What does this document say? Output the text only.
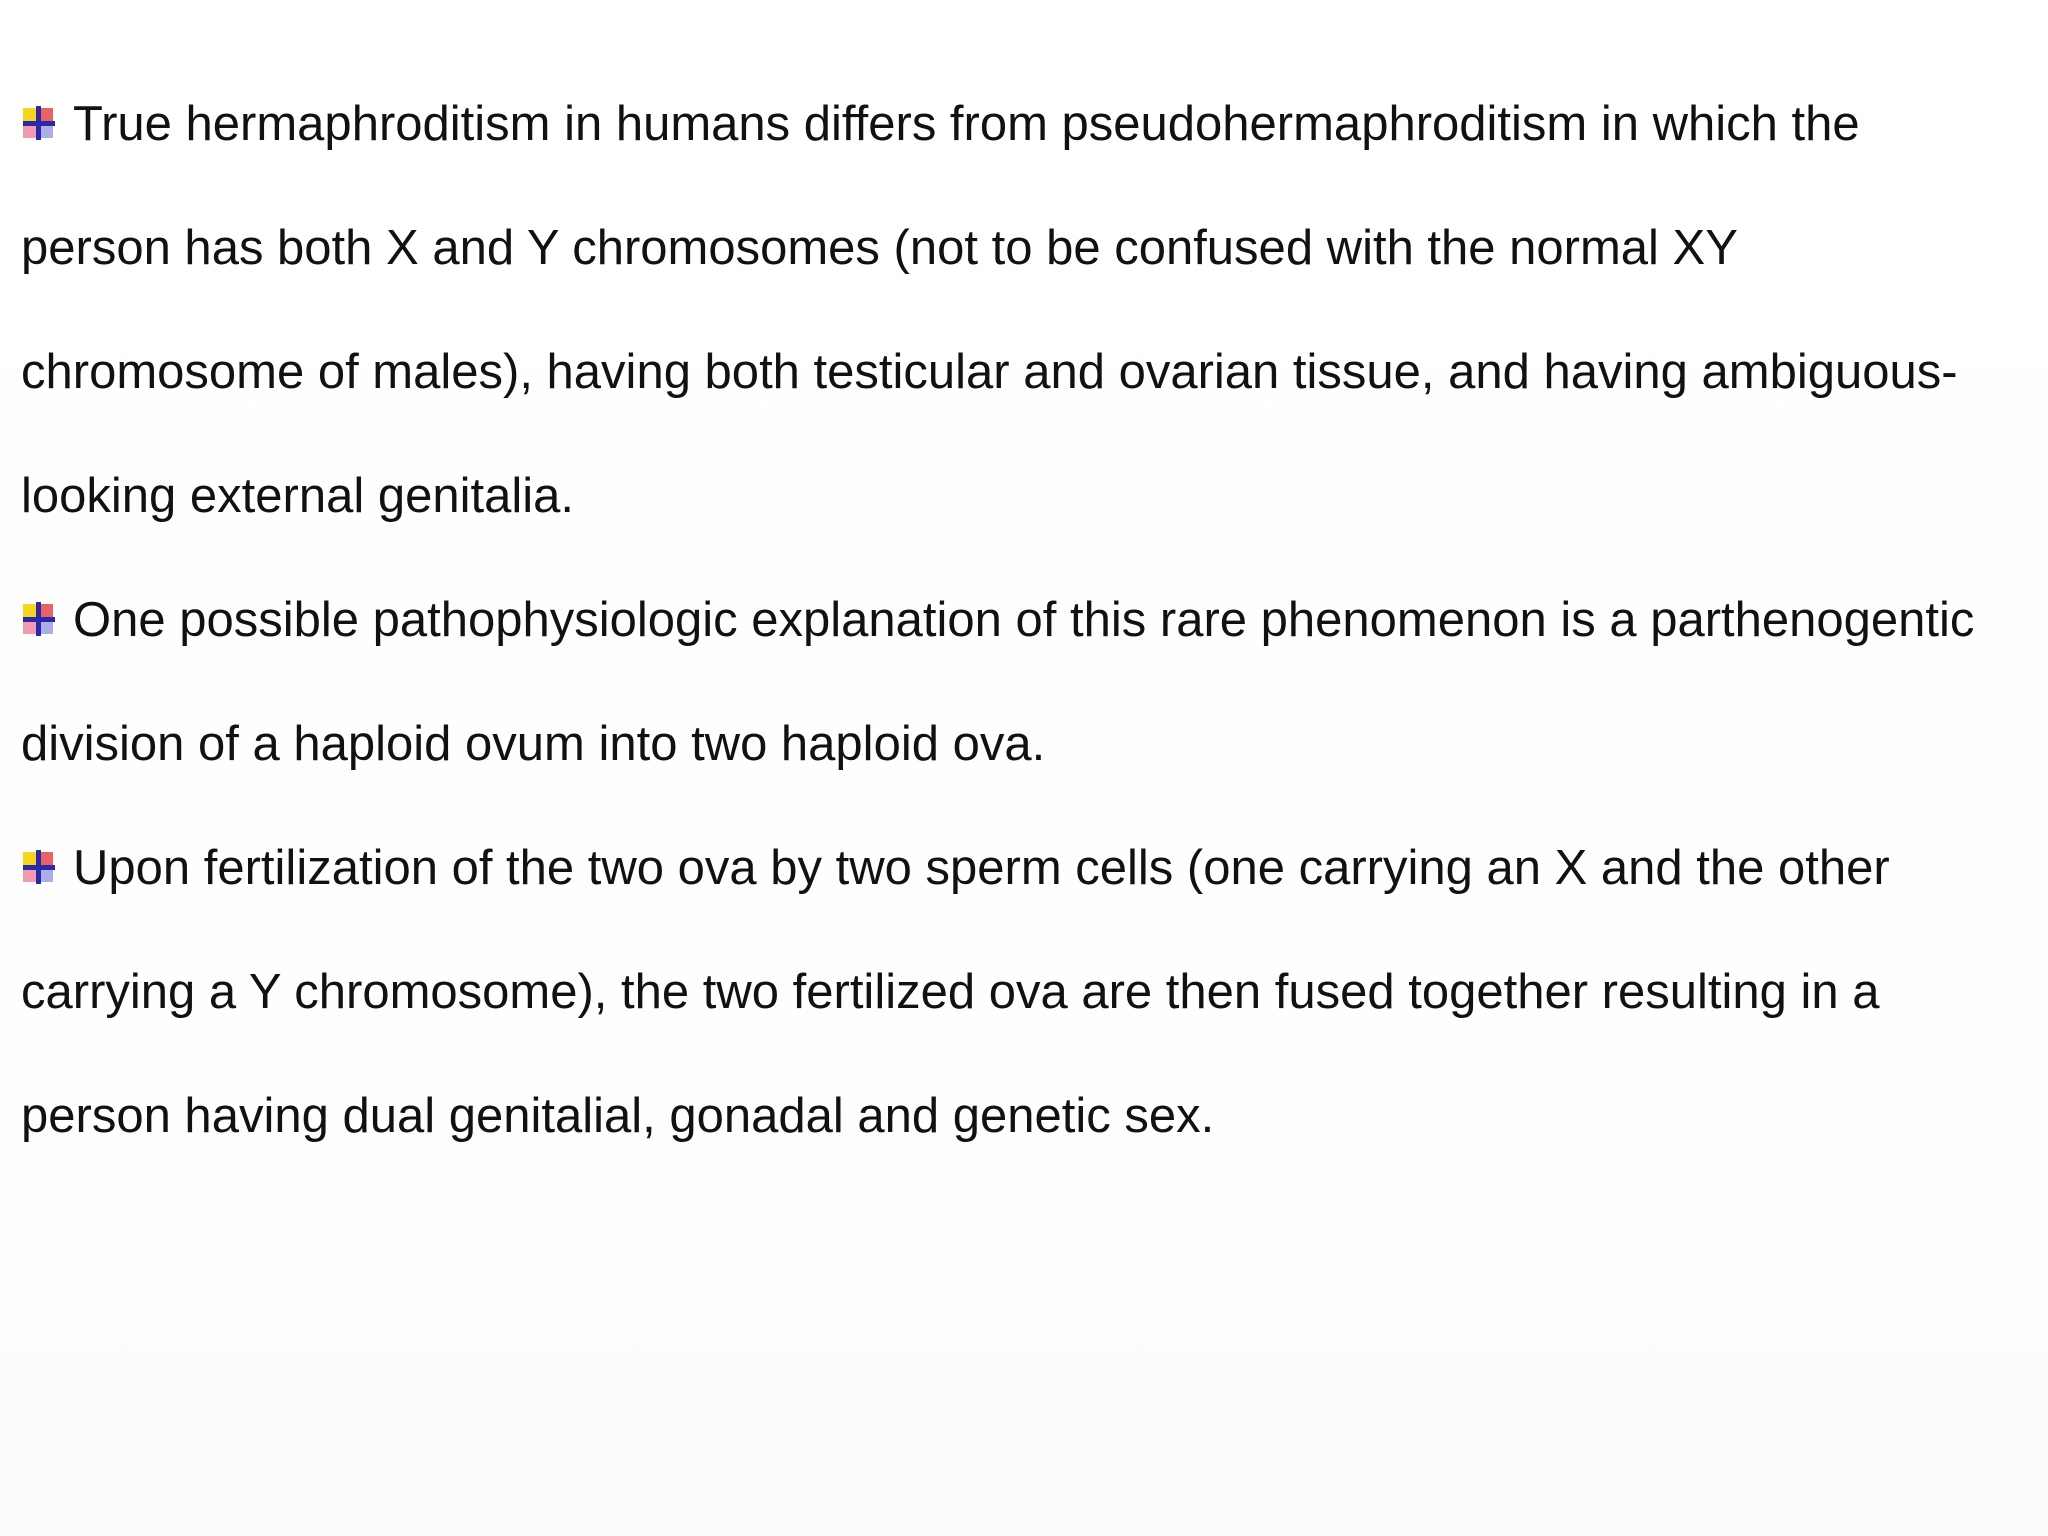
True hermaphroditism in humans differs from pseudohermaphroditism in which the person has both X and Y chromosomes (not to be confused with the normal XY chromosome of males), having both testicular and ovarian tissue, and having ambiguous-looking external genitalia.

One possible pathophysiologic explanation of this rare phenomenon is a parthenogentic division of a haploid ovum into two haploid ova.

Upon fertilization of the two ova by two sperm cells (one carrying an X and the other carrying a Y chromosome), the two fertilized ova are then fused together resulting in a person having dual genitalial, gonadal and genetic sex.
